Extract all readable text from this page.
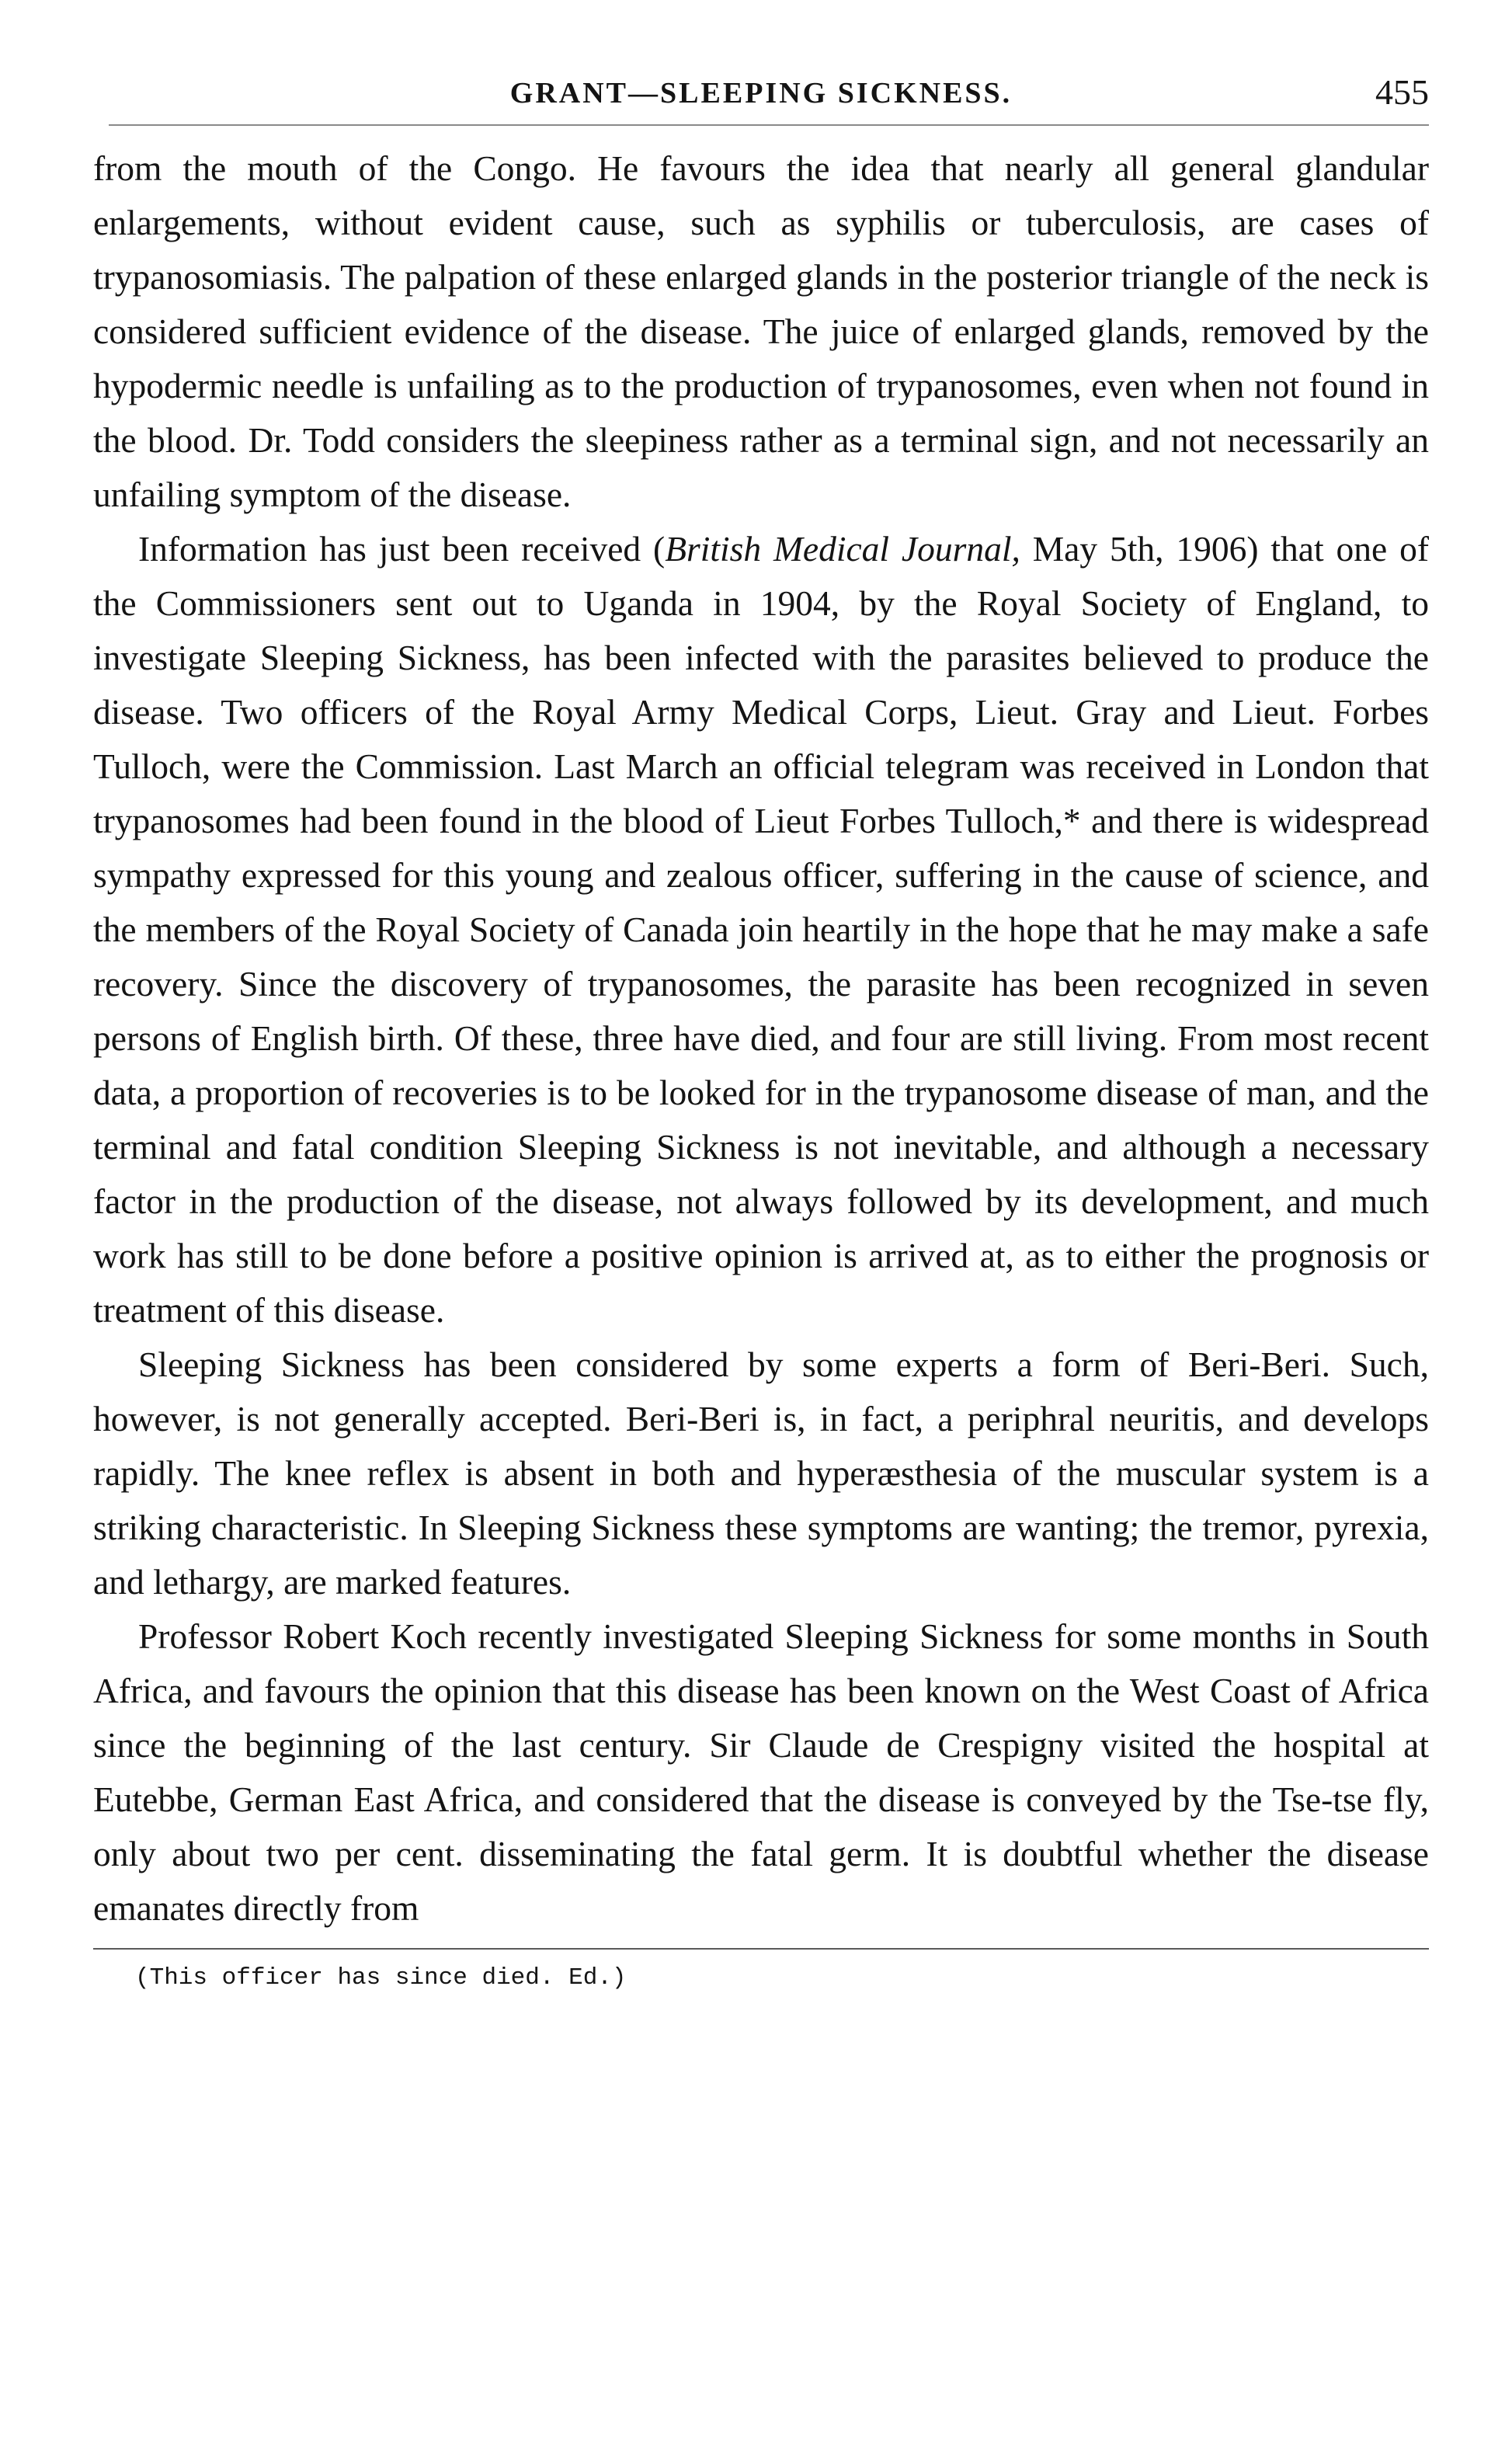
GRANT—SLEEPING SICKNESS.	455

from the mouth of the Congo. He favours the idea that nearly all general glandular enlargements, without evident cause, such as syphilis or tuberculosis, are cases of trypanosomiasis. The palpation of these enlarged glands in the posterior triangle of the neck is considered sufficient evidence of the disease. The juice of enlarged glands, removed by the hypodermic needle is unfailing as to the production of trypanosomes, even when not found in the blood. Dr. Todd considers the sleepiness rather as a terminal sign, and not necessarily an unfailing symptom of the disease.

Information has just been received (British Medical Journal, May 5th, 1906) that one of the Commissioners sent out to Uganda in 1904, by the Royal Society of England, to investigate Sleeping Sickness, has been infected with the parasites believed to produce the disease. Two officers of the Royal Army Medical Corps, Lieut. Gray and Lieut. Forbes Tulloch, were the Commission. Last March an official telegram was received in London that trypanosomes had been found in the blood of Lieut Forbes Tulloch,* and there is widespread sympathy expressed for this young and zealous officer, suffering in the cause of science, and the members of the Royal Society of Canada join heartily in the hope that he may make a safe recovery. Since the discovery of trypanosomes, the parasite has been recognized in seven persons of English birth. Of these, three have died, and four are still living. From most recent data, a proportion of recoveries is to be looked for in the trypanosome disease of man, and the terminal and fatal condition Sleeping Sickness is not inevitable, and although a necessary factor in the production of the disease, not always followed by its development, and much work has still to be done before a positive opinion is arrived at, as to either the prognosis or treatment of this disease.

Sleeping Sickness has been considered by some experts a form of Beri-Beri. Such, however, is not generally accepted. Beri-Beri is, in fact, a periphral neuritis, and develops rapidly. The knee reflex is absent in both and hyperæsthesia of the muscular system is a striking characteristic. In Sleeping Sickness these symptoms are wanting; the tremor, pyrexia, and lethargy, are marked features.

Professor Robert Koch recently investigated Sleeping Sickness for some months in South Africa, and favours the opinion that this disease has been known on the West Coast of Africa since the beginning of the last century. Sir Claude de Crespigny visited the hospital at Eutebbe, German East Africa, and considered that the disease is conveyed by the Tse-tse fly, only about two per cent. disseminating the fatal germ. It is doubtful whether the disease emanates directly from

(This officer has since died. Ed.)
